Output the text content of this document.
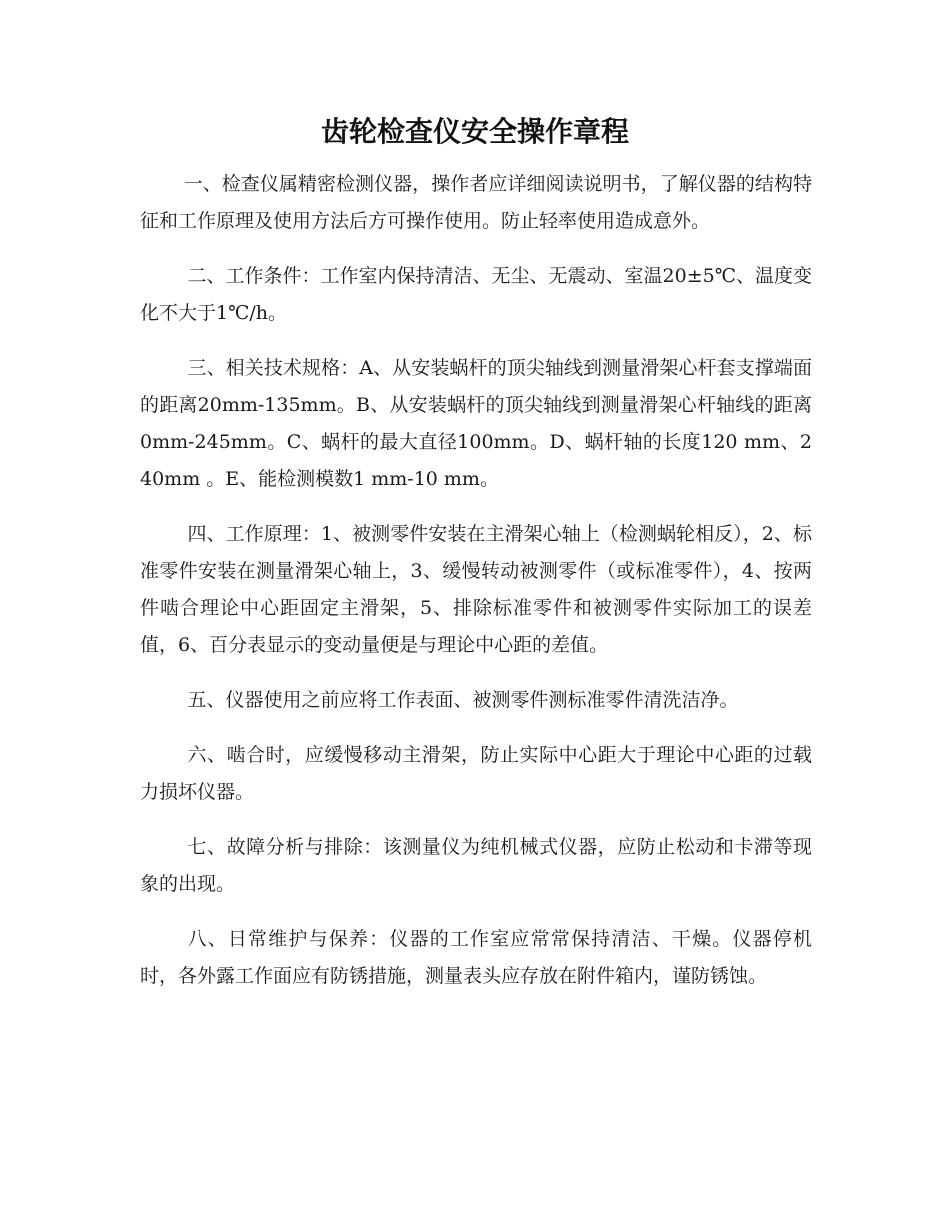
齿轮检查仪安全操作章程

一、检查仪属精密检测仪器，操作者应详细阅读说明书，了解仪器的结构特征和工作原理及使用方法后方可操作使用。防止轻率使用造成意外。

二、工作条件：工作室内保持清洁、无尘、无震动、室温20±5℃、温度变化不大于1℃/h。

三、相关技术规格：A、从安装蜗杆的顶尖轴线到测量滑架心杆套支撑端面的距离20mm-135mm。B、从安装蜗杆的顶尖轴线到测量滑架心杆轴线的距离0mm-245mm。C、蜗杆的最大直径100mm。D、蜗杆轴的长度120 mm、240mm 。E、能检测模数1 mm-10 mm。

四、工作原理：1、被测零件安装在主滑架心轴上（检测蜗轮相反），2、标准零件安装在测量滑架心轴上，3、缓慢转动被测零件（或标准零件），4、按两件啮合理论中心距固定主滑架，5、排除标准零件和被测零件实际加工的误差值，6、百分表显示的变动量便是与理论中心距的差值。

五、仪器使用之前应将工作表面、被测零件测标准零件清洗洁净。

六、啮合时，应缓慢移动主滑架，防止实际中心距大于理论中心距的过载力损坏仪器。

七、故障分析与排除：该测量仪为纯机械式仪器，应防止松动和卡滞等现象的出现。

八、日常维护与保养：仪器的工作室应常常保持清洁、干燥。仪器停机时，各外露工作面应有防锈措施，测量表头应存放在附件箱内，谨防锈蚀。
